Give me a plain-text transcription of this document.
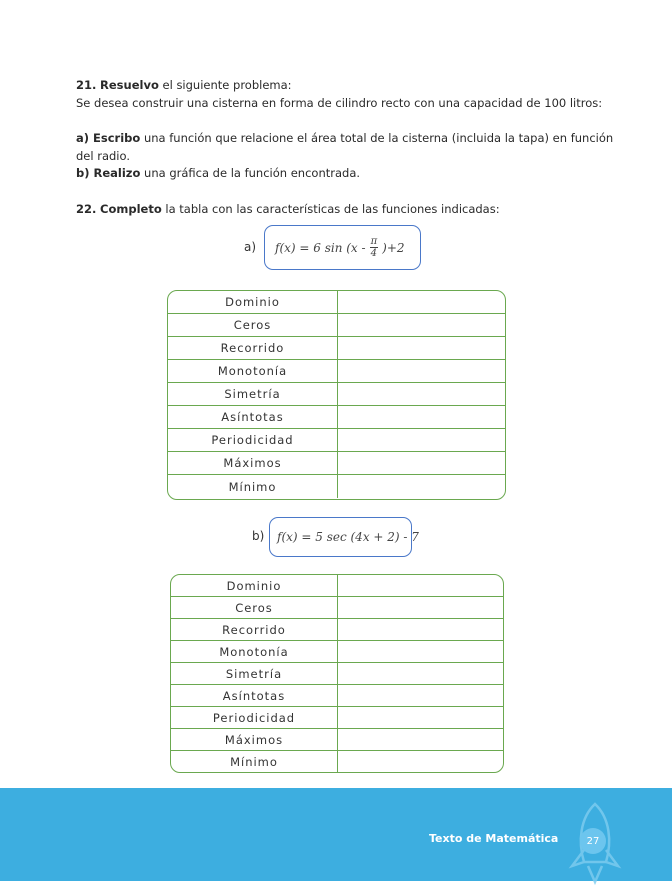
21. Resuelvo el siguiente problema:

Se desea construir una cisterna en forma de cilindro recto con una capacidad de 100 litros:

a) Escribo una función que relacione el área total de la cisterna (incluida la tapa) en función del radio.

b) Realizo una gráfica de la función encontrada.

22. Completo la tabla con las características de las funciones indicadas:

a) f(x) = 6 $\sin (x - \frac{\pi}{4} )+2$
Dominio
Ceros
Recorrido
Monotonía
Simetría
Asíntotas
Periodicidad
Máximos
Mínimo
b) f(x) = 5 sec (4x + 2) - 7
Dominio
Ceros
Recorrido
Monotonía
Simetría
Asíntotas
Periodicidad
Máximos
Mínimo
Texto de Matemática	27
